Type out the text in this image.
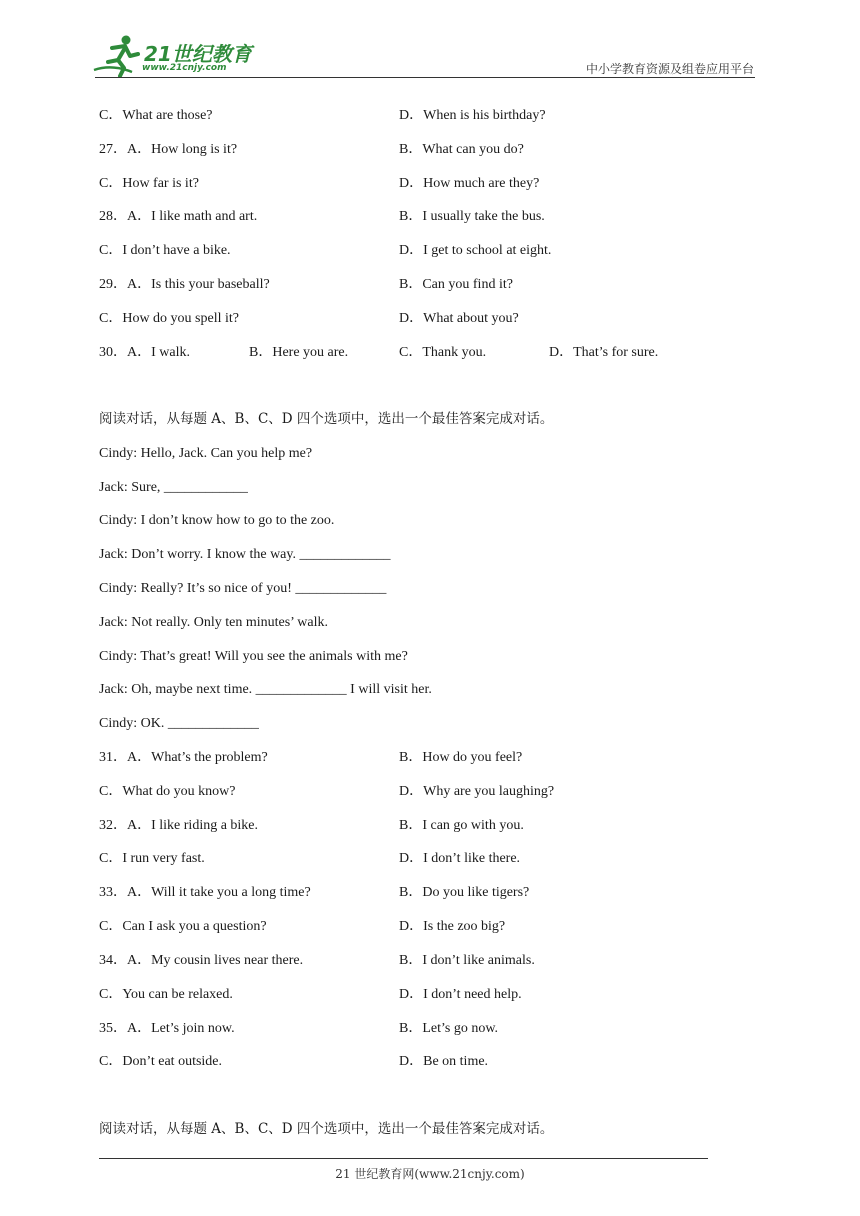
21世纪教育
www.21cnjy.com	中小学教育资源及组卷应用平台
C．What are those?	D．When is his birthday?
27．A．How long is it?	B．What can you do?
C．How far is it?	D．How much are they?
28．A．I like math and art.	B．I usually take the bus.
C．I don’t have a bike.	D．I get to school at eight.
29．A．Is this your baseball?	B．Can you find it?
C．How do you spell it?	D．What about you?
30．A．I walk.	B．Here you are.	C．Thank you.	D．That’s for sure.
阅读对话，从每题 A、B、C、D 四个选项中，选出一个最佳答案完成对话。
Cindy: Hello, Jack. Can you help me?
Jack: Sure, ____________
Cindy: I don’t know how to go to the zoo.
Jack: Don’t worry. I know the way. _____________
Cindy: Really? It’s so nice of you! _____________
Jack: Not really. Only ten minutes’ walk.
Cindy: That’s great! Will you see the animals with me?
Jack: Oh, maybe next time. _____________ I will visit her.
Cindy: OK. _____________
31．A．What’s the problem?	B．How do you feel?
C．What do you know?	D．Why are you laughing?
32．A．I like riding a bike.	B．I can go with you.
C．I run very fast.	D．I don’t like there.
33．A．Will it take you a long time?	B．Do you like tigers?
C．Can I ask you a question?	D．Is the zoo big?
34．A．My cousin lives near there.	B．I don’t like animals.
C．You can be relaxed.	D．I don’t need help.
35．A．Let’s join now.	B．Let’s go now.
C．Don’t eat outside.	D．Be on time.
阅读对话，从每题 A、B、C、D 四个选项中，选出一个最佳答案完成对话。
21 世纪教育网(www.21cnjy.com)
